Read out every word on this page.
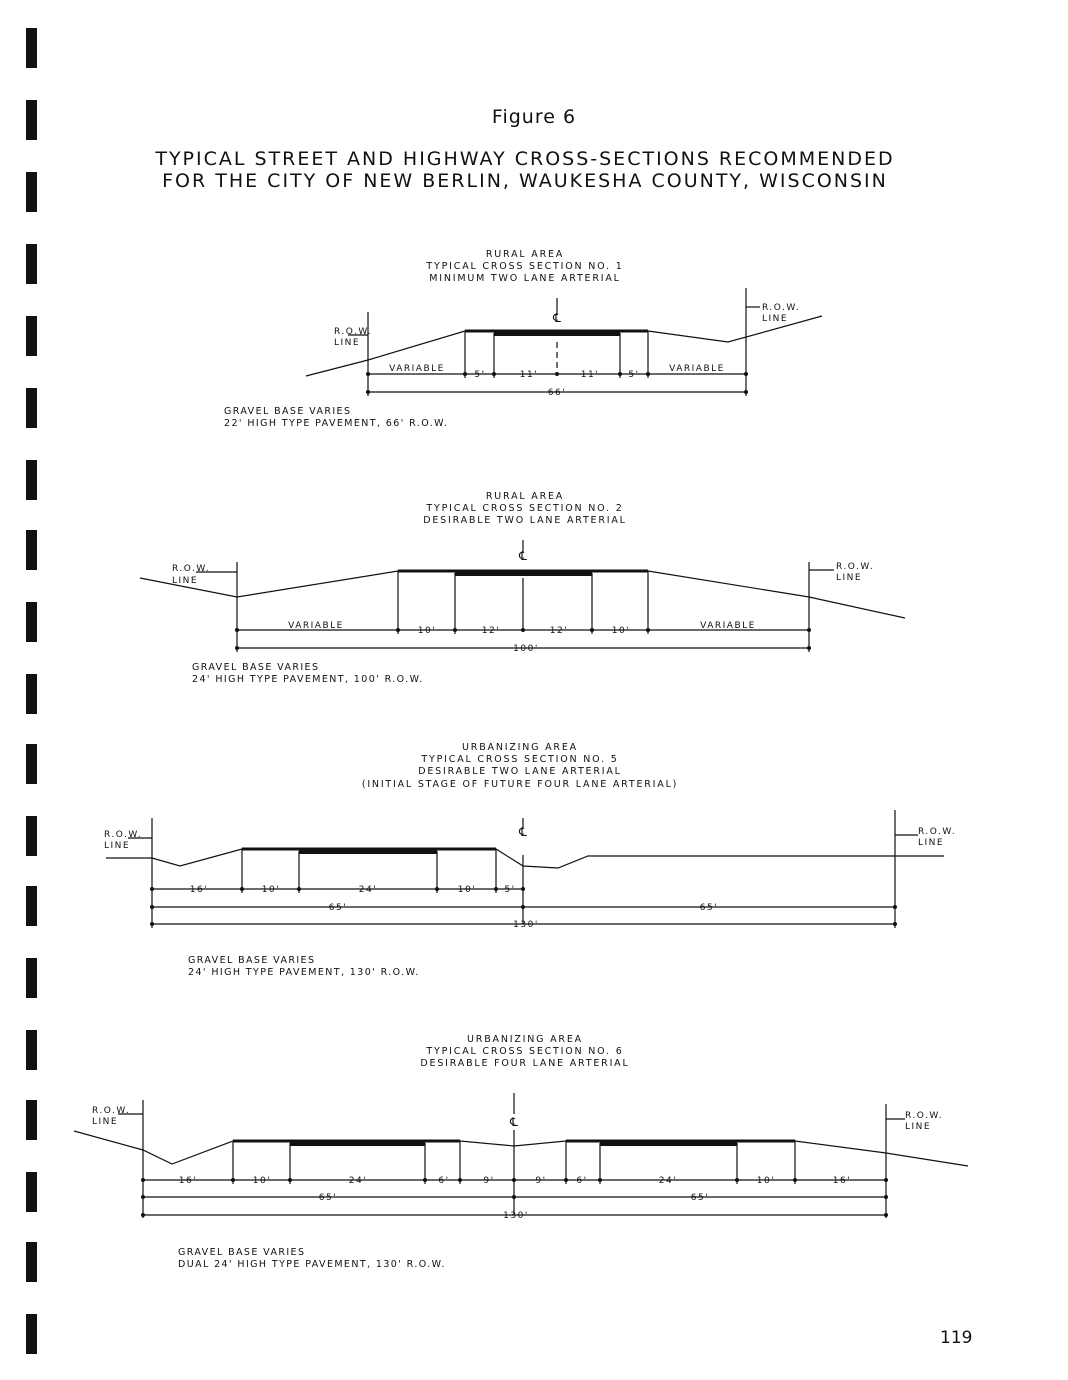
Figure 6
TYPICAL STREET AND HIGHWAY CROSS-SECTIONS RECOMMENDED
FOR THE CITY OF NEW BERLIN, WAUKESHA COUNTY, WISCONSIN
RURAL AREA
TYPICAL CROSS SECTION NO. 1
MINIMUM TWO LANE ARTERIAL
℄
R.O.W.
LINE
R.O.W.
LINE
VARIABLE
5'	11'	11'	5'
VARIABLE
66'
GRAVEL BASE VARIES
22' HIGH TYPE PAVEMENT, 66' R.O.W.
RURAL AREA
TYPICAL CROSS SECTION NO. 2
DESIRABLE TWO LANE ARTERIAL
℄
R.O.W.
LINE
R.O.W.
LINE
VARIABLE	10'	12'	12'	10'	VARIABLE
100'
GRAVEL BASE VARIES
24' HIGH TYPE PAVEMENT, 100' R.O.W.
URBANIZING AREA
TYPICAL CROSS SECTION NO. 5
DESIRABLE TWO LANE ARTERIAL
(INITIAL STAGE OF FUTURE FOUR LANE ARTERIAL)
℄
R.O.W.
LINE
R.O.W.
LINE
16'	10'	24'	10'	5'
65'	65'
130'
GRAVEL BASE VARIES
24' HIGH TYPE PAVEMENT, 130' R.O.W.
URBANIZING AREA
TYPICAL CROSS SECTION NO. 6
DESIRABLE FOUR LANE ARTERIAL
℄
R.O.W.
LINE
R.O.W.
LINE
16'	10'	24'	6'	9'	9'	6'	24'	10'	16'
65'	65'
130'
GRAVEL BASE VARIES
DUAL 24' HIGH TYPE PAVEMENT, 130' R.O.W.
119
